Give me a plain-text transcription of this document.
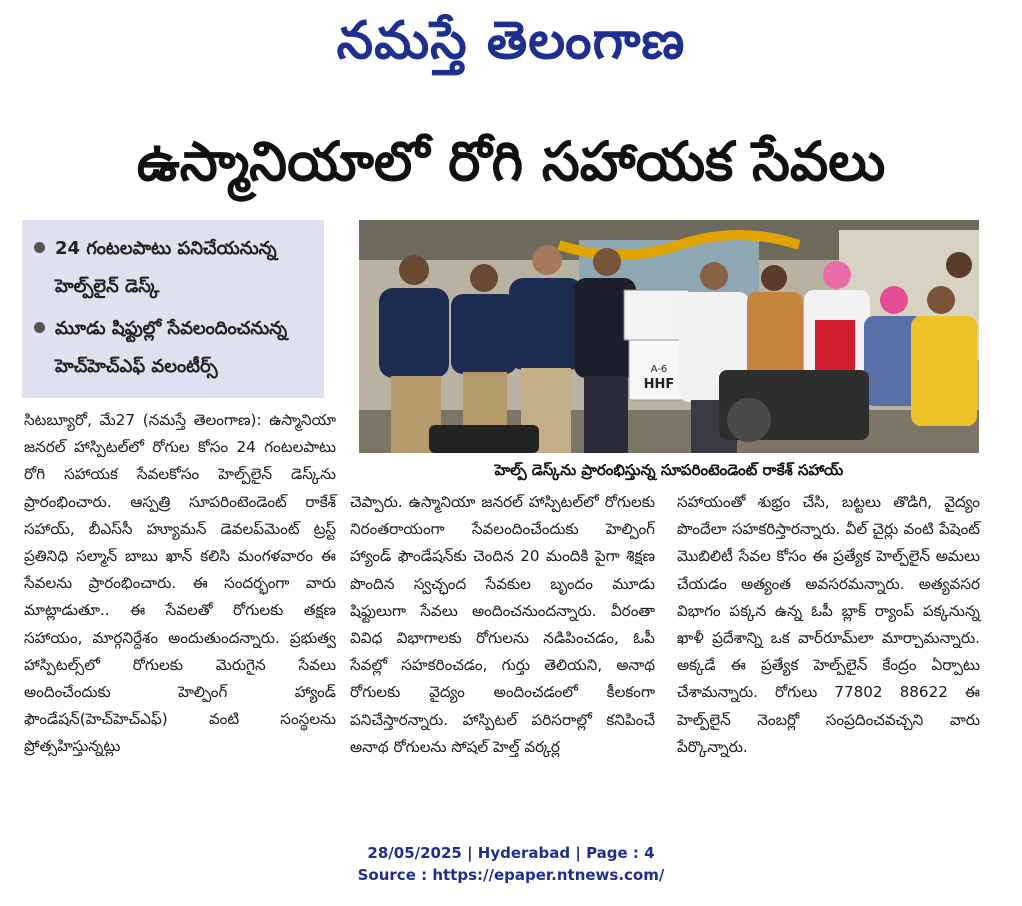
నమస్తే తెలంగాణ
ఉస్మానియాలో రోగి సహాయక సేవలు
24 గంటలపాటు పనిచేయనున్న హెల్ప్‌లైన్ డెస్క్
మూడు షిఫ్టుల్లో సేవలందించనున్న హెచ్‌హెచ్‌ఎఫ్ వలంటీర్స్	A-6
HHF
హెల్ప్ డెస్క్‌ను ప్రారంభిస్తున్న సూపరింటెండెంట్ రాకేశ్ సహాయ్

సిటబ్యూరో, మే27 (నమస్తే తెలంగాణ): ఉస్మానియా జనరల్ హాస్పిటల్‌లో రోగుల కోసం 24 గంటలపాటు రోగి సహాయక సేవలకోసం హెల్ప్‌లైన్ డెస్క్‌ను ప్రారంభించారు. ఆస్పత్రి సూపరింటెండెంట్ రాకేశ్ సహాయ్, బీఎస్‌సీ హ్యూమన్ డెవలప్‌మెంట్ ట్రస్ట్ ప్రతినిధి సల్మాన్ బాబు ఖాన్ కలిసి మంగళవారం ఈ సేవలను ప్రారంభించారు. ఈ సందర్భంగా వారు మాట్లాడుతూ.. ఈ సేవలతో రోగులకు తక్షణ సహాయం, మార్గనిర్దేశం అందుతుందన్నారు. ప్రభుత్వ హాస్పిటల్స్‌లో రోగులకు మెరుగైన సేవలు అందించేందుకు హెల్పింగ్ హ్యాండ్ ఫౌండేషన్(హెచ్‌హెచ్‌ఎఫ్) వంటి సంస్థలను ప్రోత్సహిస్తున్నట్లు

చెప్పారు. ఉస్మానియా జనరల్ హాస్పిటల్‌లో రోగులకు నిరంతరాయంగా సేవలందించేందుకు హెల్పింగ్ హ్యాండ్ ఫౌండేషన్‌కు చెందిన 20 మందికి పైగా శిక్షణ పొందిన స్వచ్ఛంద సేవకుల బృందం మూడు షిఫ్టులుగా సేవలు అందించనుందన్నారు. వీరంతా వివిధ విభాగాలకు రోగులను నడిపించడం, ఓపీ సేవల్లో సహకరించడం, గుర్తు తెలియని, అనాథ రోగులకు వైద్యం అందించడంలో కీలకంగా పనిచేస్తారన్నారు. హాస్పిటల్ పరిసరాల్లో కనిపించే అనాథ రోగులను సోషల్ హెల్త్ వర్కర్ల

సహాయంతో శుభ్రం చేసి, బట్టలు తొడిగి, వైద్యం పొందేలా సహకరిస్తారన్నారు. వీల్ చైర్లు వంటి పేషెంట్ మొబిలిటీ సేవల కోసం ఈ ప్రత్యేక హెల్ప్‌లైన్ అమలు చేయడం అత్యంత అవసరమన్నారు. అత్యవసర విభాగం పక్కన ఉన్న ఓపీ బ్లాక్ ర్యాంప్ పక్కనున్న ఖాళీ ప్రదేశాన్ని ఒక వార్‌రూమ్‌లా మార్చామన్నారు. అక్కడే ఈ ప్రత్యేక హెల్ప్‌లైన్ కేంద్రం ఏర్పాటు చేశామన్నారు. రోగులు 77802 88622 ఈ హెల్ప్‌లైన్ నెంబర్లో సంప్రదించవచ్చని వారు పేర్కొన్నారు.

28/05/2025 | Hyderabad | Page : 4
Source : https://epaper.ntnews.com/
